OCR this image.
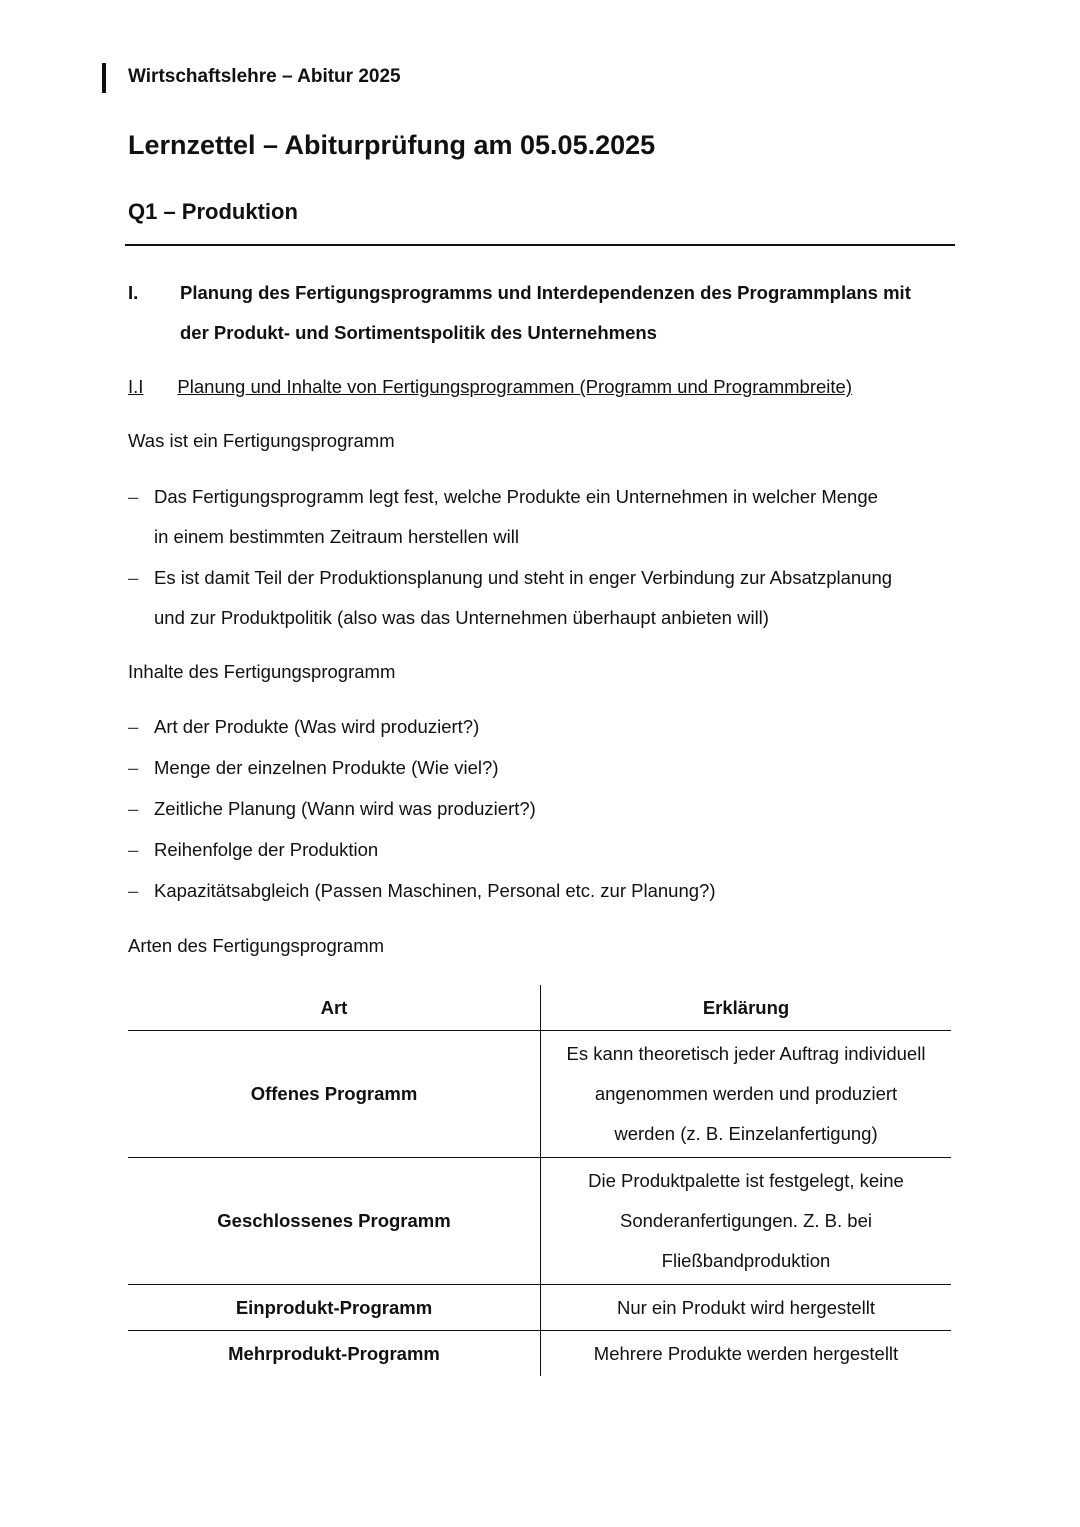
Wirtschaftslehre – Abitur 2025
Lernzettel – Abiturprüfung am 05.05.2025
Q1 – Produktion
I. Planung des Fertigungsprogramms und Interdependenzen des Programmplans mit
der Produkt- und Sortimentspolitik des Unternehmens
I.I Planung und Inhalte von Fertigungsprogrammen (Programm und Programmbreite)
Was ist ein Fertigungsprogramm
– Das Fertigungsprogramm legt fest, welche Produkte ein Unternehmen in welcher Menge
in einem bestimmten Zeitraum herstellen will
– Es ist damit Teil der Produktionsplanung und steht in enger Verbindung zur Absatzplanung
und zur Produktpolitik (also was das Unternehmen überhaupt anbieten will)
Inhalte des Fertigungsprogramm
– Art der Produkte (Was wird produziert?)
– Menge der einzelnen Produkte (Wie viel?)
– Zeitliche Planung (Wann wird was produziert?)
– Reihenfolge der Produktion
– Kapazitätsabgleich (Passen Maschinen, Personal etc. zur Planung?)
Arten des Fertigungsprogramm
Art	Erklärung
Offenes Programm	Es kann theoretisch jeder Auftrag individuell
angenommen werden und produziert
werden (z. B. Einzelanfertigung)

Geschlossenes Programm	Die Produktpalette ist festgelegt, keine
Sonderanfertigungen. Z. B. bei
Fließbandproduktion

Einprodukt-Programm	Nur ein Produkt wird hergestellt
Mehrprodukt-Programm	Mehrere Produkte werden hergestellt
